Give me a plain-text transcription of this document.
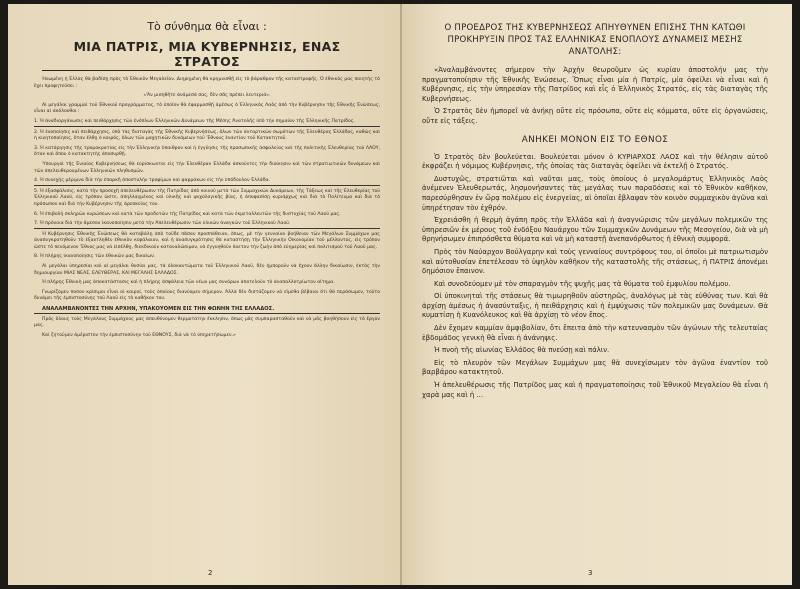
Τὸ σύνθημα θὰ εἶναι :
ΜΙΑ ΠΑΤΡΙΣ, ΜΙΑ ΚΥΒΕΡΝΗΣΙΣ, ΕΝΑΣ ΣΤΡΑΤΟΣ

Ἡνωμένη ἡ Ἑλλὰς θὰ βαδίσῃ πρὸς τὸ Ἐθνικὸν Μεγαλεῖον. Διηρημένη θὰ κρημνισθῇ εἰς τὸ βάραθρον τῆς καταστροφῆς. Ὁ ἐθνικὸς μας ποιητὴς τὸ ἔχει προφητεύσει :

«Ἂν μισηθῆτε ἀνάμεσά σας, δὲν σᾶς πρέπει λευτεριά».

Αἱ μεγάλαι γραμμαὶ τοῦ Ἐθνικοῦ προγράμματος, τὸ ὁποῖον θὰ ἐφαρμοσθῇ ἀμέσως ὁ Ἑλληνικὸς Λαὸς ἀπὸ τὴν Κυβέρνησιν τῆς Ἐθνικῆς Ἑνώσεως, εἶναι αἱ ἀκόλουθοι :

1. Ἡ ἀναδιοργάνωσις καὶ πειθάρχησις τῶν ἐνόπλων Ἑλληνικῶν Δυνάμεων τῆς Μέσης Ἀνατολῆς ὑπὸ τὴν σημαίαν τῆς Ἑλληνικῆς Πατρίδος.

2. Ἡ ἐνοποίησις καὶ πειθάρχησις, ὑπὸ τὰς διαταγὰς τῆς Ἐθνικῆς Κυβερνήσεως, ὅλων τῶν ἀνταρτικῶν σωμάτων τῆς Ἐλευθέρας Ἑλλάδος, καθὼς καὶ ἡ κινητοποίησις, ὅταν ἔλθῃ ὁ καιρός, ὅλων τῶν μαχητικῶν δυνάμεων τοῦ Ἔθνους ἐναντίον τοῦ Κατακτητοῦ.

3. Ἡ κατάργησις τῆς τρομοκρατίας εἰς τὴν Ἑλληνικὴν ὕπαιθρον καὶ ἡ ἐγγύησις τῆς προσωπικῆς ἀσφαλείας καὶ τῆς πολιτικῆς Ἐλευθερίας τοῦ ΛΑΟΥ, ὅταν καὶ ὅπου ὁ κατακτητὴς ἀποσυρθῇ.

Ὑπουργοὶ τῆς Ἑνιαίας Κυβερνήσεως θὰ εὑρίσκωνται εἰς τὴν Ἐλευθέραν Ἑλλάδα ἀσκοῦντες τὴν διοίκησιν καὶ τῶν στρατιωτικῶν δυνάμεων καὶ τῶν ἀπελευθερουμένων Ἑλληνικῶν πληθυσμῶν.

4. Ἡ συνεχὴς μέριμνα διὰ τὴν ἐπαρκῆ ἀποστολὴν τροφίμων καὶ φαρμάκων εἰς τὴν ὑπόδουλον Ἑλλάδα.

5. Ἡ ἐξασφάλισις, κατὰ τὴν προσεχῆ ἀπελευθέρωσιν τῆς Πατρίδος ἀπὸ κοινοῦ μετὰ τῶν Συμμαχικῶν Δυνάμεων, τῆς Τάξεως καὶ τῆς Ἐλευθερίας τοῦ Ἑλληνικοῦ Λαοῦ, εἰς τρόπον ὥστε, ἀπηλλαγμένος καὶ ὑλικῆς καὶ ψυχολογικῆς βίας, ἡ ἀποφασίσῃ κυριάρχως καὶ διὰ τὸ Πολίτευμα καὶ διὰ τὸ πρόσωπον καὶ διὰ τὴν Κυβέρνησιν τῆς ἀρεσκείας του.

6. Ἡ ἐπιβολὴ σκληρῶν κυρώσεων καὶ κατὰ τῶν προδοτῶν τῆς Πατρίδος καὶ κατὰ τῶν ἐκμεταλλευτῶν τῆς δυστυχίας τοῦ Λαοῦ μας.

7. Ἡ πρόνοια διὰ τὴν ἄμεσον ἱκανοποίησιν μετὰ τὴν Ἀπελευθέρωσιν τῶν ὑλικῶν ἀναγκῶν τοῦ Ἑλληνικοῦ Λαοῦ.

Ἡ Κυβέρνησις Ἐθνικῆς Ἑνώσεως θὰ καταβάλῃ ἀπὸ τοῦδε πᾶσαν προσπάθειαν, ὅπως, μὲ τὴν γενναίαν βοήθειαν τῶν Μεγάλων Συμμάχων μας ἀνασυγκροτηθοῦν τὸ ἐξαντληθὲν ἐθνικὸν κεφάλαιον, καὶ ἡ ἀνασυγκρότησις θὰ καταστήσῃ τὴν Ἑλληνικὴν Οἰκονομίαν τοῦ μέλλοντος, εἰς τρόπον ὥστε τὸ πενόμενον Ἔθνος μας νὰ εἰσέλθῃ, διεκδικοῦν καταναλώσιμον, νὰ ἐγγυηθοῦν ἄνετον τὴν ζωὴν ἀπὸ εὐημερίας καὶ πολιτισμοῦ τοῦ Λαοῦ μας.

8. Ἡ πλήρης ἱκανοποίησις τῶν ἐθνικῶν μας δικαίων.

Αἱ μεγάλαι ὑπηρεσίαι καὶ αἱ μεγάλαι θυσίαι μας, τὰ ὁλοκαυτώματα τοῦ Ἑλληνικοῦ Λαοῦ, δὲν ἠμποροῦν νὰ ἔχουν ἄλλην δικαίωσιν, ἐκτὸς τὴν δημιουργίαν ΜΙΑΣ ΝΕΑΣ, ΕΛΕΥΘΕΡΑΣ, ΚΑΙ ΜΕΓΑΛΗΣ ΕΛΛΑΔΟΣ.

Ἡ πλήρης Ἐθνικὴ μας ἀποκατάστασις καὶ ἡ πλήρης ἀσφάλεια τῶν νέων μας συνόρων ἀποτελοῦν τὸ ἀναπαλλοτρίωτον αἴτημα.

Γνωρίζομεν ποσον κρίσιμοι εἶναι οἱ καιροί, τοὺς ὁποίους διανύομεν σήμερον. Ἀλλὰ δὲν διστάζομεν νὰ εἴμεθα βέβαιοι ὅτι θὰ περάσωμεν, τοῦτο δυνάμει τῆς ἐμπιστοσύνης τοῦ Λαοῦ εἰς τὸ καθῆκον του.

ΑΝΑΛΑΜΒΑΝΟΝΤΕΣ ΤΗΝ ΑΡΧΗΝ, ΥΠΑΚΟΥΟΜΕΝ ΕΙΣ ΤΗΝ ΦΩΝΗΝ ΤΗΣ ΕΛΛΑΔΟΣ.

Πρὸς ὅλους τοὺς Μεγάλους Συμμάχους μας ἀπευθύνομεν θερμοτάτην ἔκκλησιν, ὅπως μᾶς συμπαρασταθοῦν καὶ νὰ μᾶς βοηθήσουν εἰς τὸ ἔργον μας.

Καὶ ζητοῦμεν ἀμέριστον τὴν ἐμπιστοσύνην τοῦ ΕΘΝΟΥΣ, διὰ νὰ τὸ ὑπηρετήσωμεν.»

2
Ο ΠΡΟΕΔΡΟΣ ΤΗΣ ΚΥΒΕΡΝΗΣΕΩΣ ΑΠΗΥΘΥΝΕΝ ΕΠΙΣΗΣ ΤΗΝ ΚΑΤΩΘΙ ΠΡΟΚΗΡΥΞΙΝ ΠΡΟΣ ΤΑΣ ΕΛΛΗΝΙΚΑΣ ΕΝΟΠΛΟΥΣ ΔΥΝΑΜΕΙΣ ΜΕΣΗΣ ΑΝΑΤΟΛΗΣ:

«Ἀναλαμβάνοντες σήμερον τὴν Ἀρχὴν θεωροῦμεν ὡς κυρίαν ἀποστολήν μας τὴν πραγματοποίησιν τῆς Ἐθνικῆς Ἑνώσεως. Ὅπως εἶναι μία ἡ Πατρίς, μία ὀφείλει νὰ εἶναι καὶ ἡ Κυβέρνησις, εἰς τὴν ὑπηρεσίαν τῆς Πατρίδος καὶ εἷς ὁ Ἑλληνικὸς Στρατός, εἰς τὰς διαταγὰς τῆς Κυβερνήσεως.

Ὁ Στρατὸς δὲν ἠμπορεῖ νὰ ἀνήκῃ οὔτε εἰς πρόσωπα, οὔτε εἰς κόμματα, οὔτε εἰς ὀργανώσεις, οὔτε εἰς τάξεις.

ΑΝΗΚΕΙ ΜΟΝΟΝ ΕΙΣ ΤΟ ΕΘΝΟΣ

Ὁ Στρατὸς δὲν βουλεύεται. Βουλεύεται μόνον ὁ ΚΥΡΙΑΡΧΟΣ ΛΑΟΣ καὶ τὴν θέλησιν αὐτοῦ ἐκφράζει ἡ νόμιμος Κυβέρνησις, τῆς ὁποίας τὰς διαταγὰς ὀφείλει νὰ ἐκτελῇ ὁ Στρατός.

Δυστυχῶς, στρατιῶται καὶ ναῦται μας, τοὺς ὁποίους ὁ μεγαλομάρτυς Ἑλληνικὸς Λαὸς ἀνέμενεν Ἐλευθερωτάς, λησμονήσαντες τὰς μεγάλας των παραδόσεις καὶ τὸ Ἐθνικὸν καθῆκον, παρεσύρθησαν ἐν ὥρᾳ πολέμου εἰς ἐνεργείας, αἱ ὁποῖαι ἔβλαψαν τὸν κοινὸν συμμαχικὸν ἀγῶνα καὶ ὑπηρέτησαν τὸν ἐχθρόν.

Ἐχρειάσθη ἡ θερμὴ ἀγάπη πρὸς τὴν Ἑλλάδα καὶ ἡ ἀναγνώρισις τῶν μεγάλων πολεμικῶν της ὑπηρεσιῶν ἐκ μέρους τοῦ ἐνδόξου Ναυάρχου τῶν Συμμαχικῶν Δυνάμεων τῆς Μεσογείου, διὰ νὰ μὴ θρηνήσωμεν ἐπιπρόσθετα θύματα καὶ νὰ μὴ καταστῇ ἀνεπανόρθωτος ἡ ἐθνικὴ συμφορά.

Πρὸς τὸν Ναύαρχον Βούλγαρην καὶ τοὺς γενναίους συντρόφους του, οἱ ὁποῖοι μὲ πατριωτισμὸν καὶ αὐτοθυσίαν ἐπετέλεσαν τὸ ὑψηλὸν καθῆκον τῆς καταστολῆς τῆς στάσεως, ἡ ΠΑΤΡΙΣ ἀπονέμει δημόσιον ἔπαινον.

Καὶ συνοδεύομεν μὲ τὸν σπαραγμὸν τῆς ψυχῆς μας τὰ θύματα τοῦ ἐμφυλίου πολέμου.

Οἱ ὑποκινηταὶ τῆς στάσεως θὰ τιμωρηθοῦν αὐστηρῶς, ἀναλόγως μὲ τὰς εὐθύνας των. Καὶ θὰ ἀρχίσῃ ἀμέσως ἡ ἀνασύνταξις, ἡ πειθάρχησις καὶ ἡ ἐμψύχωσις τῶν πολεμικῶν μας δυνάμεων. Θὰ κυματίσῃ ἡ Κυανόλευκος καὶ θὰ ἀρχίσῃ τὸ νέον ἔπος.

Δὲν ἔχομεν καμμίαν ἀμφιβολίαν, ὅτι ἔπειτα ἀπὸ τὴν κατευνασμὸν τῶν ἀγώνων τῆς τελευταίας ἑβδομάδος γενικὴ θὰ εἶναι ἡ ἀνάνηψις.

Ἡ πνοὴ τῆς αἰωνίας Ἑλλάδος θὰ πνεύσῃ καὶ πάλιν.

Εἰς τὸ πλευρὸν τῶν Μεγάλων Συμμάχων μας θὰ συνεχίσωμεν τὸν ἀγῶνα ἐναντίον τοῦ βαρβάρου κατακτητοῦ.

Ἡ ἀπελευθέρωσις τῆς Πατρίδος μας καὶ ἡ πραγματοποίησις τοῦ Ἐθνικοῦ Μεγαλείου θὰ εἶναι ἡ χαρὰ μας καὶ ἡ ...

3
